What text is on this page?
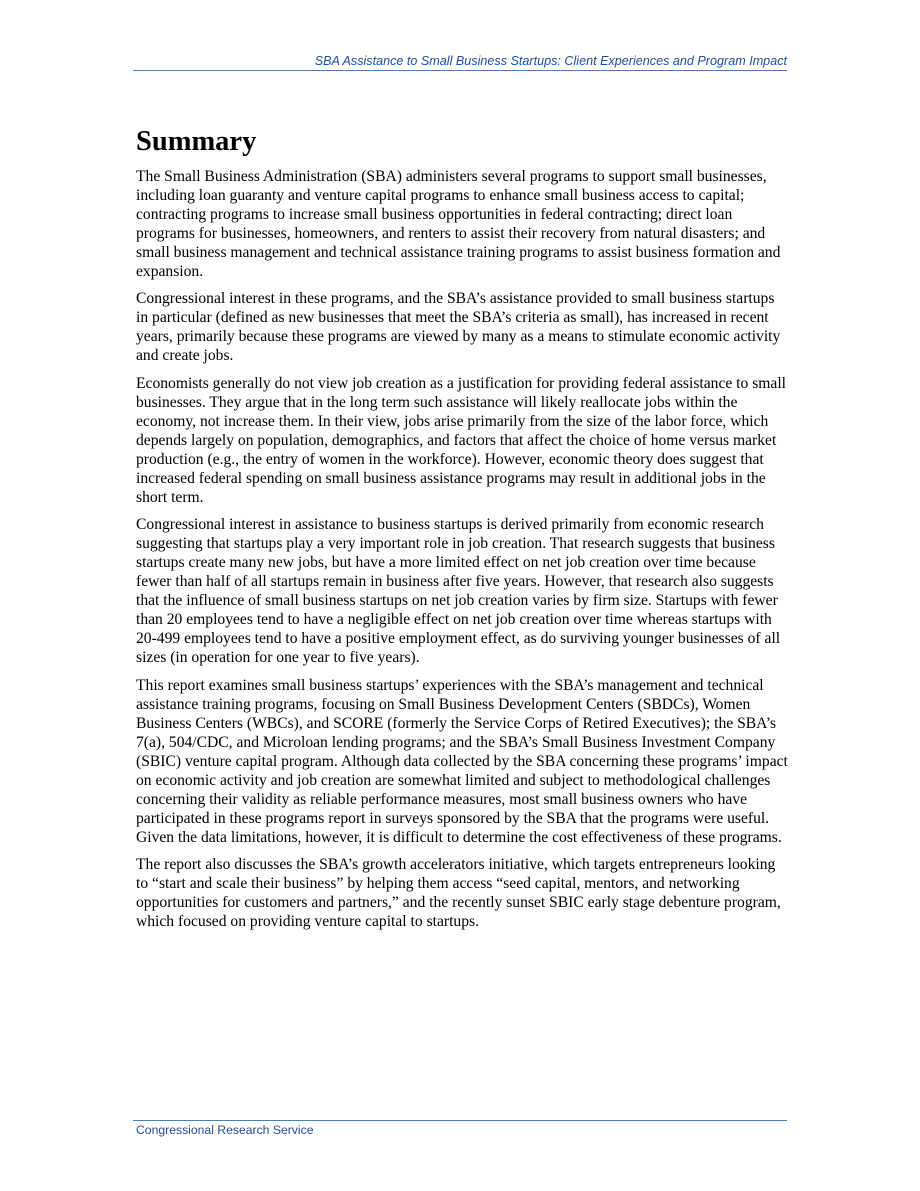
SBA Assistance to Small Business Startups: Client Experiences and Program Impact
Summary

The Small Business Administration (SBA) administers several programs to support small businesses, including loan guaranty and venture capital programs to enhance small business access to capital; contracting programs to increase small business opportunities in federal contracting; direct loan programs for businesses, homeowners, and renters to assist their recovery from natural disasters; and small business management and technical assistance training programs to assist business formation and expansion.

Congressional interest in these programs, and the SBA’s assistance provided to small business startups in particular (defined as new businesses that meet the SBA’s criteria as small), has increased in recent years, primarily because these programs are viewed by many as a means to stimulate economic activity and create jobs.

Economists generally do not view job creation as a justification for providing federal assistance to small businesses. They argue that in the long term such assistance will likely reallocate jobs within the economy, not increase them. In their view, jobs arise primarily from the size of the labor force, which depends largely on population, demographics, and factors that affect the choice of home versus market production (e.g., the entry of women in the workforce). However, economic theory does suggest that increased federal spending on small business assistance programs may result in additional jobs in the short term.

Congressional interest in assistance to business startups is derived primarily from economic research suggesting that startups play a very important role in job creation. That research suggests that business startups create many new jobs, but have a more limited effect on net job creation over time because fewer than half of all startups remain in business after five years. However, that research also suggests that the influence of small business startups on net job creation varies by firm size. Startups with fewer than 20 employees tend to have a negligible effect on net job creation over time whereas startups with 20-499 employees tend to have a positive employment effect, as do surviving younger businesses of all sizes (in operation for one year to five years).

This report examines small business startups’ experiences with the SBA’s management and technical assistance training programs, focusing on Small Business Development Centers (SBDCs), Women Business Centers (WBCs), and SCORE (formerly the Service Corps of Retired Executives); the SBA’s 7(a), 504/CDC, and Microloan lending programs; and the SBA’s Small Business Investment Company (SBIC) venture capital program. Although data collected by the SBA concerning these programs’ impact on economic activity and job creation are somewhat limited and subject to methodological challenges concerning their validity as reliable performance measures, most small business owners who have participated in these programs report in surveys sponsored by the SBA that the programs were useful. Given the data limitations, however, it is difficult to determine the cost effectiveness of these programs.

The report also discusses the SBA’s growth accelerators initiative, which targets entrepreneurs looking to “start and scale their business” by helping them access “seed capital, mentors, and networking opportunities for customers and partners,” and the recently sunset SBIC early stage debenture program, which focused on providing venture capital to startups.

Congressional Research Service
